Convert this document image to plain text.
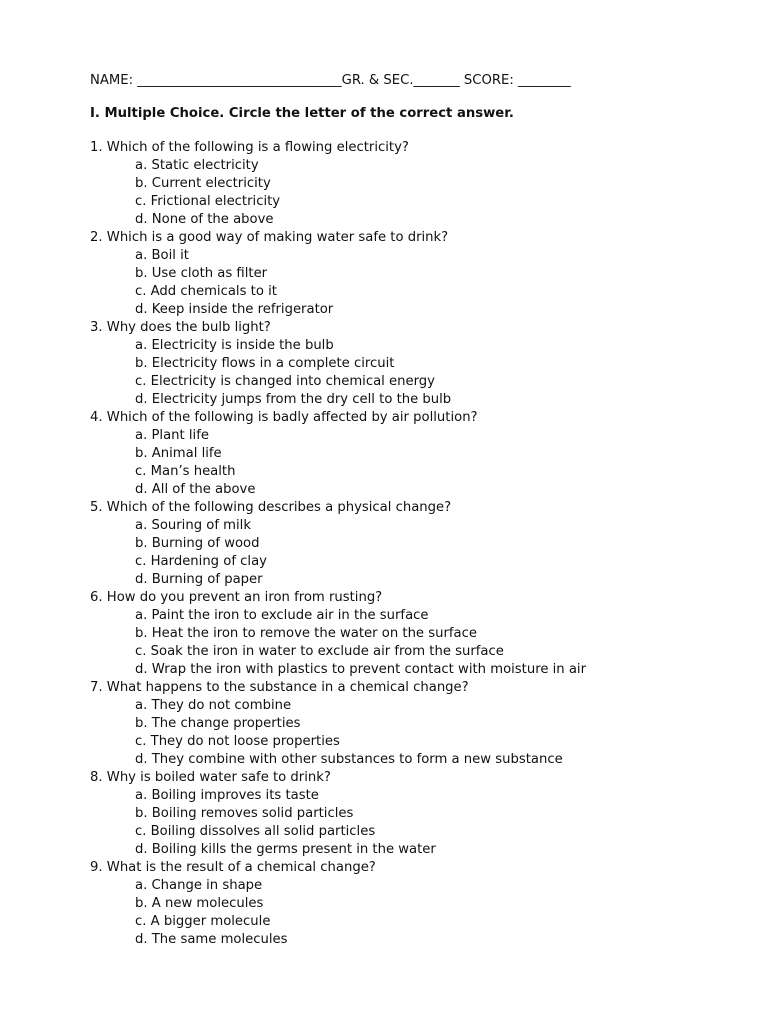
NAME: _______________________________GR. & SEC._______ SCORE: ________
I. Multiple Choice. Circle the letter of the correct answer.
1. Which of the following is a flowing electricity?
a. Static electricity
b. Current electricity
c. Frictional electricity
d. None of the above
2. Which is a good way of making water safe to drink?
a. Boil it
b. Use cloth as filter
c. Add chemicals to it
d. Keep inside the refrigerator
3. Why does the bulb light?
a. Electricity is inside the bulb
b. Electricity flows in a complete circuit
c. Electricity is changed into chemical energy
d. Electricity jumps from the dry cell to the bulb
4. Which of the following is badly affected by air pollution?
a. Plant life
b. Animal life
c. Man’s health
d. All of the above
5. Which of the following describes a physical change?
a. Souring of milk
b. Burning of wood
c. Hardening of clay
d. Burning of paper
6. How do you prevent an iron from rusting?
a. Paint the iron to exclude air in the surface
b. Heat the iron to remove the water on the surface
c. Soak the iron in water to exclude air from the surface
d. Wrap the iron with plastics to prevent contact with moisture in air
7. What happens to the substance in a chemical change?
a. They do not combine
b. The change properties
c. They do not loose properties
d. They combine with other substances to form a new substance
8. Why is boiled water safe to drink?
a. Boiling improves its taste
b. Boiling removes solid particles
c. Boiling dissolves all solid particles
d. Boiling kills the germs present in the water
9. What is the result of a chemical change?
a. Change in shape
b. A new molecules
c. A bigger molecule
d. The same molecules
